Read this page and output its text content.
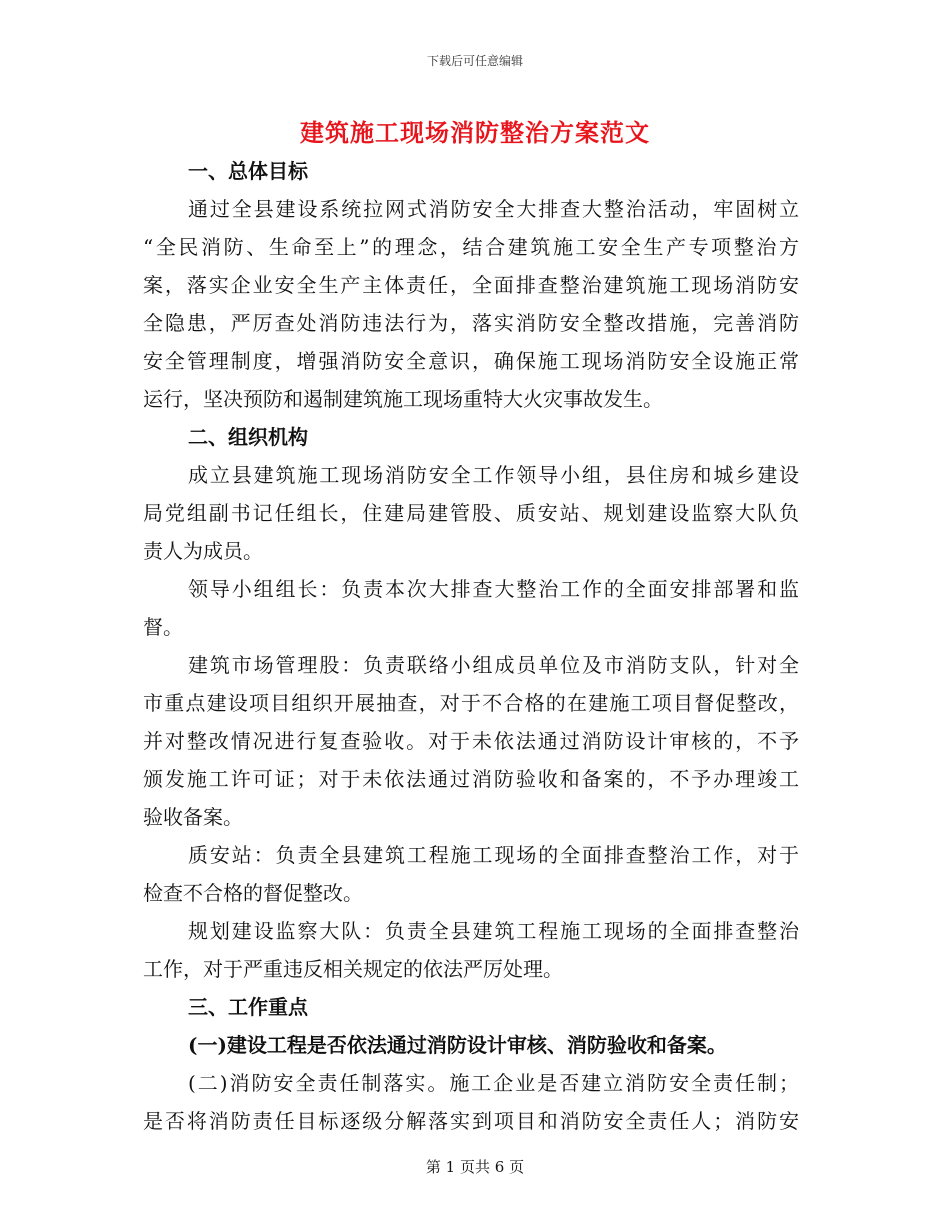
下载后可任意编辑
建筑施工现场消防整治方案范文
一、总体目标
通过全县建设系统拉网式消防安全大排查大整治活动，牢固树立
“全民消防、生命至上”的理念，结合建筑施工安全生产专项整治方
案，落实企业安全生产主体责任，全面排查整治建筑施工现场消防安
全隐患，严厉查处消防违法行为，落实消防安全整改措施，完善消防
安全管理制度，增强消防安全意识，确保施工现场消防安全设施正常
运行，坚决预防和遏制建筑施工现场重特大火灾事故发生。
二、组织机构
成立县建筑施工现场消防安全工作领导小组，县住房和城乡建设
局党组副书记任组长，住建局建管股、质安站、规划建设监察大队负
责人为成员。
领导小组组长：负责本次大排查大整治工作的全面安排部署和监
督。
建筑市场管理股：负责联络小组成员单位及市消防支队，针对全
市重点建设项目组织开展抽查，对于不合格的在建施工项目督促整改，
并对整改情况进行复查验收。对于未依法通过消防设计审核的，不予
颁发施工许可证；对于未依法通过消防验收和备案的，不予办理竣工
验收备案。
质安站：负责全县建筑工程施工现场的全面排查整治工作，对于
检查不合格的督促整改。
规划建设监察大队：负责全县建筑工程施工现场的全面排查整治
工作，对于严重违反相关规定的依法严厉处理。
三、工作重点
(一)建设工程是否依法通过消防设计审核、消防验收和备案。
(二)消防安全责任制落实。施工企业是否建立消防安全责任制；
是否将消防责任目标逐级分解落实到项目和消防安全责任人；消防安
第 1 页共 6 页
